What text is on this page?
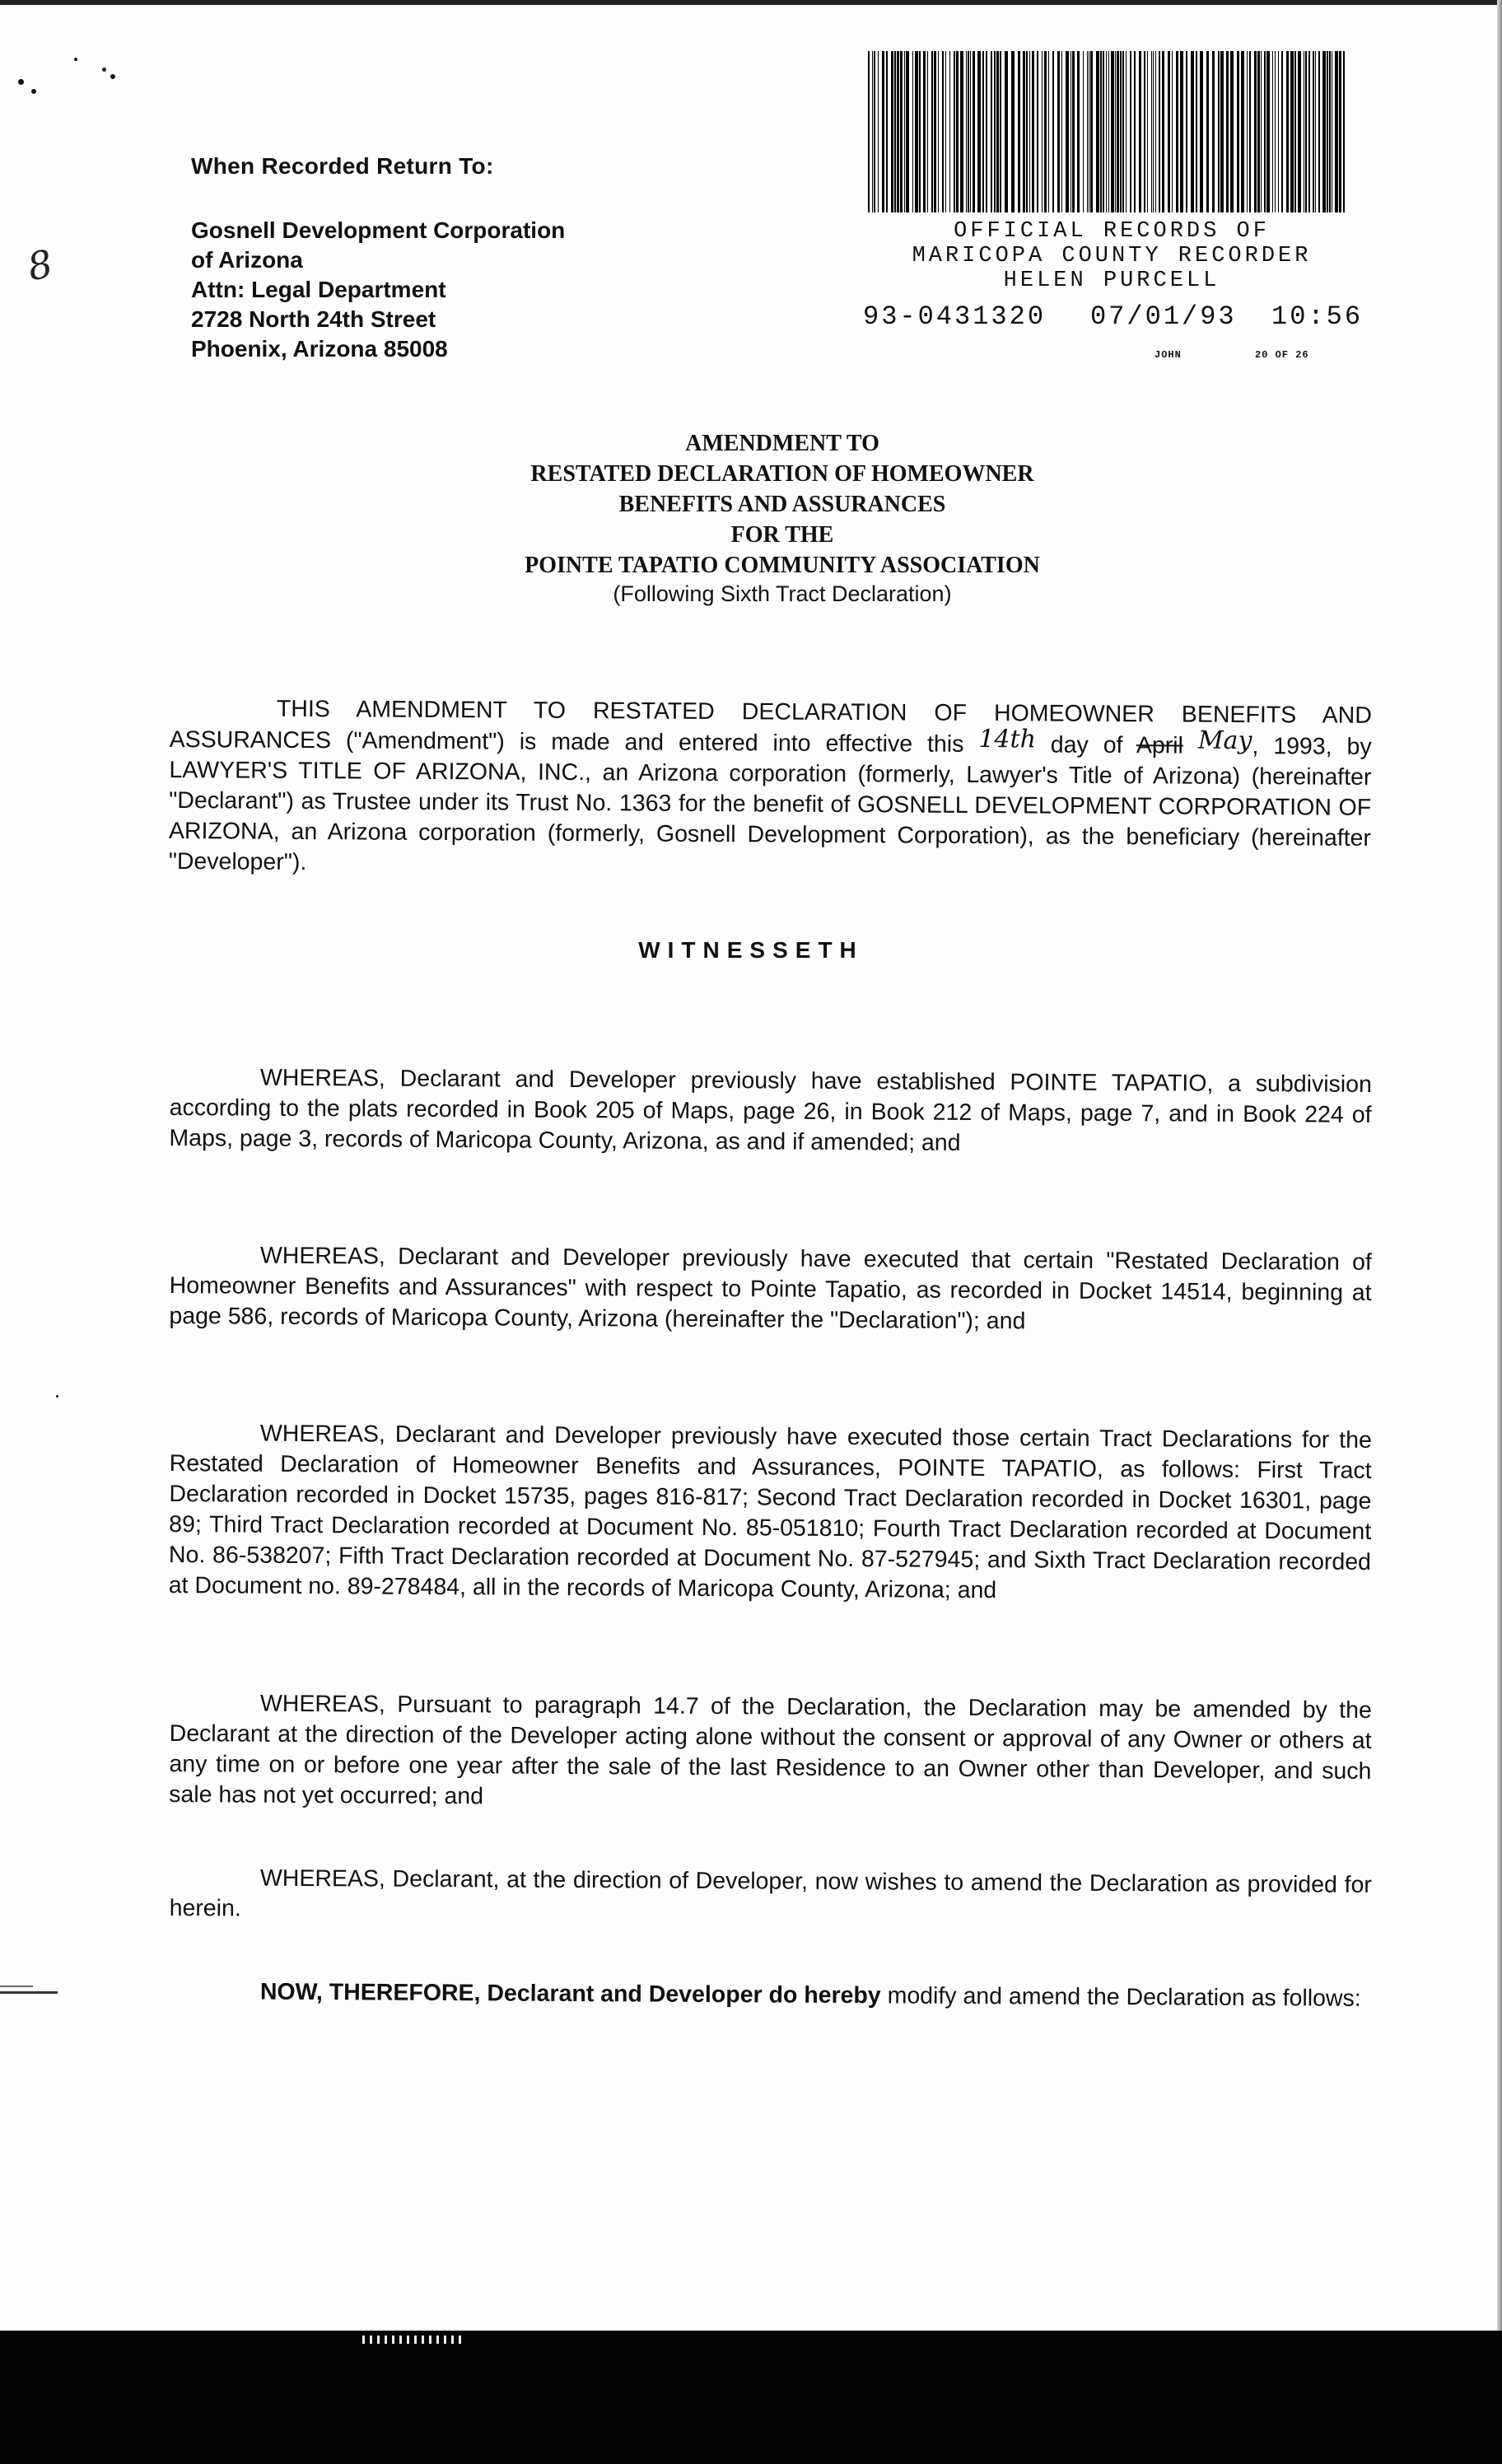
8
When Recorded Return To:
Gosnell Development Corporation
of Arizona
Attn: Legal Department
2728 North 24th Street
Phoenix, Arizona 85008
OFFICIAL RECORDS OF
MARICOPA COUNTY RECORDER
HELEN PURCELL
93-0431320 07/01/93 10:56
JOHN	20 OF 26
AMENDMENT TO
RESTATED DECLARATION OF HOMEOWNER
BENEFITS AND ASSURANCES
FOR THE
POINTE TAPATIO COMMUNITY ASSOCIATION
(Following Sixth Tract Declaration)

THIS AMENDMENT TO RESTATED DECLARATION OF HOMEOWNER BENEFITS AND ASSURANCES ("Amendment") is made and entered into effective this 14th day of April May, 1993, by LAWYER'S TITLE OF ARIZONA, INC., an Arizona corporation (formerly, Lawyer's Title of Arizona) (hereinafter "Declarant") as Trustee under its Trust No. 1363 for the benefit of GOSNELL DEVELOPMENT CORPORATION OF ARIZONA, an Arizona corporation (formerly, Gosnell Development Corporation), as the beneficiary (hereinafter "Developer").

WITNESSETH

WHEREAS, Declarant and Developer previously have established POINTE TAPATIO, a subdivision according to the plats recorded in Book 205 of Maps, page 26, in Book 212 of Maps, page 7, and in Book 224 of Maps, page 3, records of Maricopa County, Arizona, as and if amended; and

WHEREAS, Declarant and Developer previously have executed that certain "Restated Declaration of Homeowner Benefits and Assurances" with respect to Pointe Tapatio, as recorded in Docket 14514, beginning at page 586, records of Maricopa County, Arizona (hereinafter the "Declaration"); and

WHEREAS, Declarant and Developer previously have executed those certain Tract Declarations for the Restated Declaration of Homeowner Benefits and Assurances, POINTE TAPATIO, as follows: First Tract Declaration recorded in Docket 15735, pages 816-817; Second Tract Declaration recorded in Docket 16301, page 89; Third Tract Declaration recorded at Document No. 85-051810; Fourth Tract Declaration recorded at Document No. 86-538207; Fifth Tract Declaration recorded at Document No. 87-527945; and Sixth Tract Declaration recorded at Document no. 89-278484, all in the records of Maricopa County, Arizona; and

WHEREAS, Pursuant to paragraph 14.7 of the Declaration, the Declaration may be amended by the Declarant at the direction of the Developer acting alone without the consent or approval of any Owner or others at any time on or before one year after the sale of the last Residence to an Owner other than Developer, and such sale has not yet occurred; and

WHEREAS, Declarant, at the direction of Developer, now wishes to amend the Declaration as provided for herein.

NOW, THEREFORE, Declarant and Developer do hereby modify and amend the Declaration as follows:
